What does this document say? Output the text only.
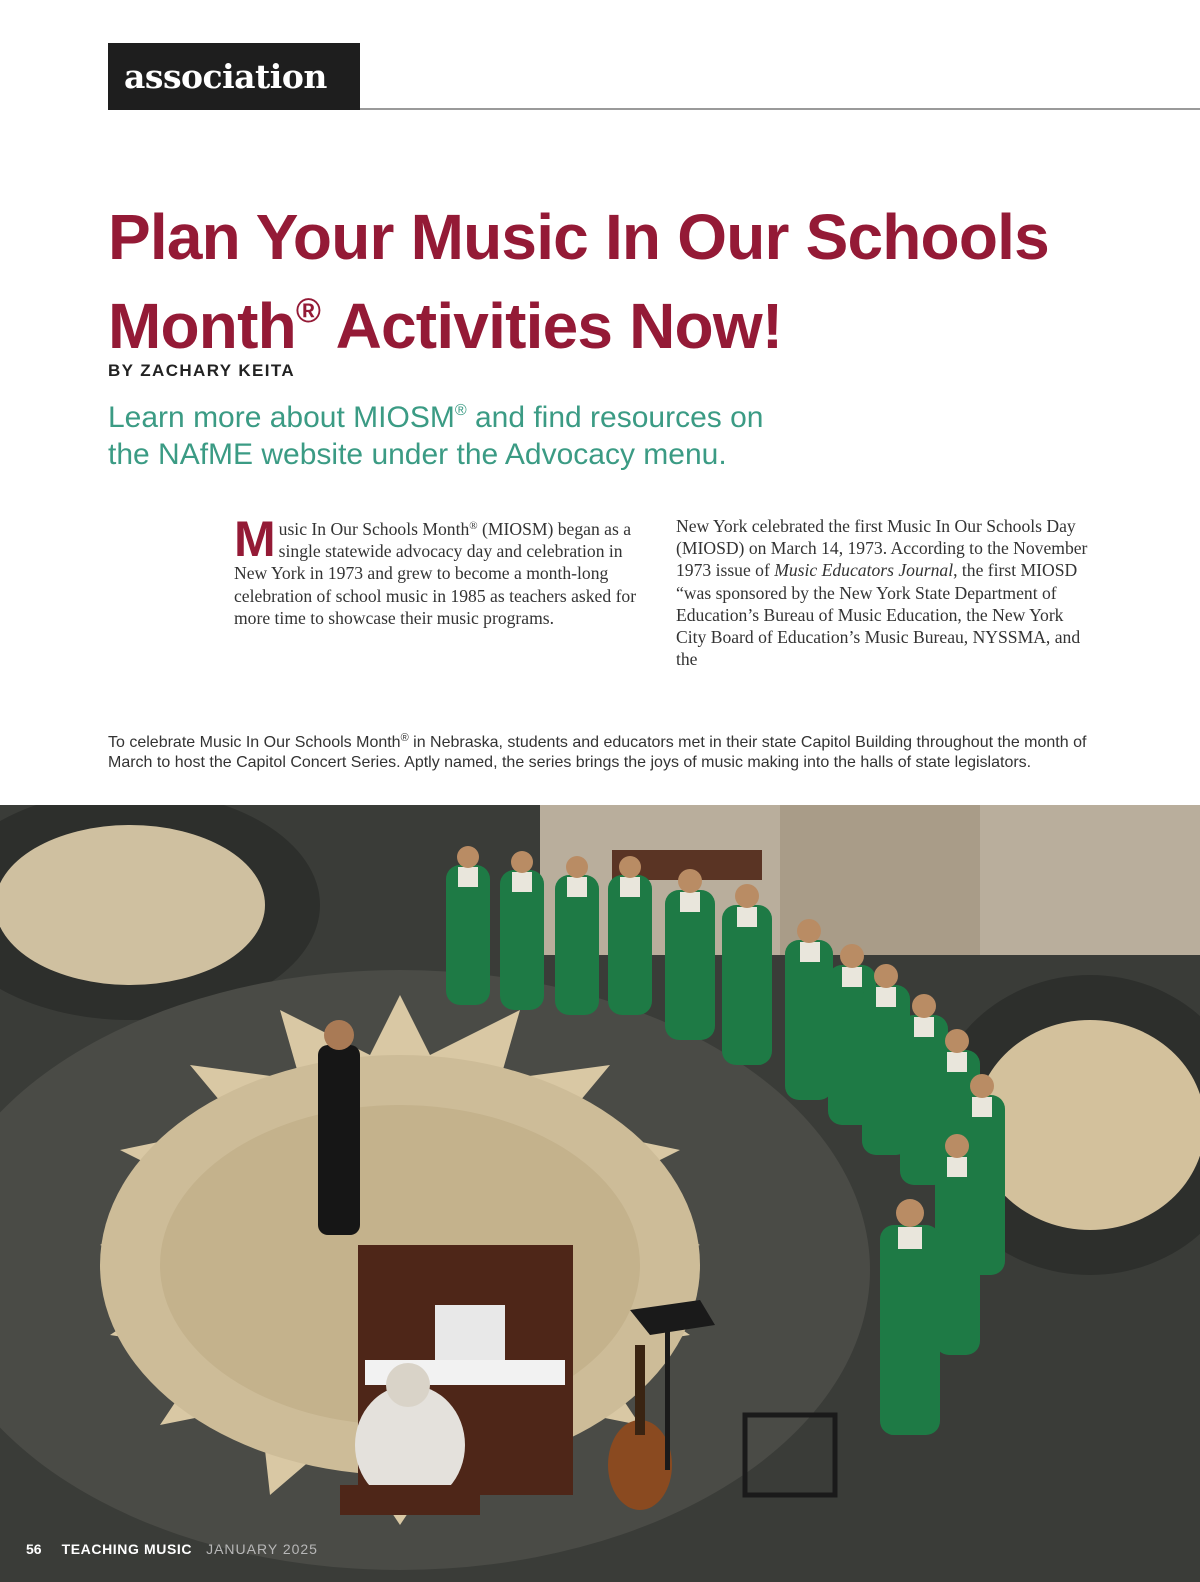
association
Plan Your Music In Our Schools
Month® Activities Now!

BY ZACHARY KEITA

Learn more about MIOSM® and find resources on
the NAfME website under the Advocacy menu.

Music In Our Schools Month® (MIOSM) began as a single statewide advocacy day and celebration in New York in 1973 and grew to become a month-long celebration of school music in 1985 as teachers asked for more time to showcase their music programs.

New York celebrated the first Music In Our Schools Day (MIOSD) on March 14, 1973. According to the November 1973 issue of Music Educators Journal, the first MIOSD “was sponsored by the New York State Department of Education’s Bureau of Music Education, the New York City Board of Education’s Music Bureau, NYSSMA, and the

To celebrate Music In Our Schools Month® in Nebraska, students and educators met in their state Capitol Building throughout the month of March to host the Capitol Concert Series. Aptly named, the series brings the joys of music making into the halls of state legislators.

56 TEACHING MUSIC JANUARY 2025
